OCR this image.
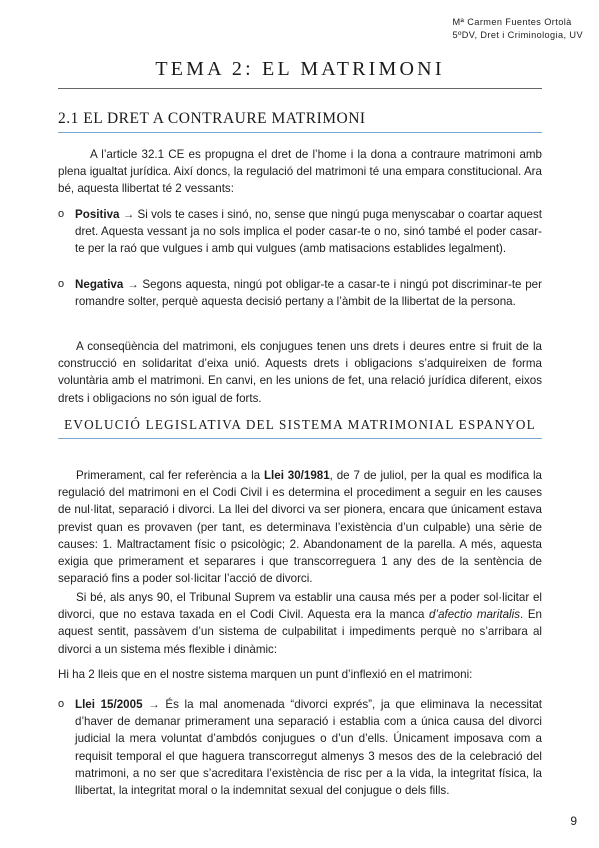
Mª Carmen Fuentes Ortolà
5ºDV, Dret i Criminologia, UV
TEMA 2: EL MATRIMONI
2.1 EL DRET A CONTRAURE MATRIMONI

A l’article 32.1 CE es propugna el dret de l’home i la dona a contraure matrimoni amb plena igualtat jurídica. Així doncs, la regulació del matrimoni té una empara constitucional. Ara bé, aquesta llibertat té 2 vessants:

o Positiva → Si vols te cases i sinó, no, sense que ningú puga menyscabar o coartar aquest dret. Aquesta vessant ja no sols implica el poder casar-te o no, sinó també el poder casar-te per la raó que vulgues i amb qui vulgues (amb matisacions establides legalment).
o Negativa → Segons aquesta, ningú pot obligar-te a casar-te i ningú pot discriminar-te per romandre solter, perquè aquesta decisió pertany a l’àmbit de la llibertat de la persona.

A conseqüència del matrimoni, els conjugues tenen uns drets i deures entre si fruit de la construcció en solidaritat d’eixa unió. Aquests drets i obligacions s’adquireixen de forma voluntària amb el matrimoni. En canvi, en les unions de fet, una relació jurídica diferent, eixos drets i obligacions no són igual de forts.

EVOLUCIÓ LEGISLATIVA DEL SISTEMA MATRIMONIAL ESPANYOL

Primerament, cal fer referència a la Llei 30/1981, de 7 de juliol, per la qual es modifica la regulació del matrimoni en el Codi Civil i es determina el procediment a seguir en les causes de nul·litat, separació i divorci. La llei del divorci va ser pionera, encara que únicament estava previst quan es provaven (per tant, es determinava l’existència d’un culpable) una sèrie de causes: 1. Maltractament físic o psicològic; 2. Abandonament de la parella. A més, aquesta exigia que primerament et separares i que transcorreguera 1 any des de la sentència de separació fins a poder sol·licitar l’acció de divorci.

Si bé, als anys 90, el Tribunal Suprem va establir una causa més per a poder sol·licitar el divorci, que no estava taxada en el Codi Civil. Aquesta era la manca d’afectio maritalis. En aquest sentit, passàvem d’un sistema de culpabilitat i impediments perquè no s’arribara al divorci a un sistema més flexible i dinàmic:

Hi ha 2 lleis que en el nostre sistema marquen un punt d’inflexió en el matrimoni:

o Llei 15/2005 → És la mal anomenada “divorci exprés”, ja que eliminava la necessitat d’haver de demanar primerament una separació i establia com a única causa del divorci judicial la mera voluntat d’ambdós conjugues o d’un d’ells. Únicament imposava com a requisit temporal el que haguera transcorregut almenys 3 mesos des de la celebració del matrimoni, a no ser que s’acreditara l’existència de risc per a la vida, la integritat física, la llibertat, la integritat moral o la indemnitat sexual del conjugue o dels fills.
9
